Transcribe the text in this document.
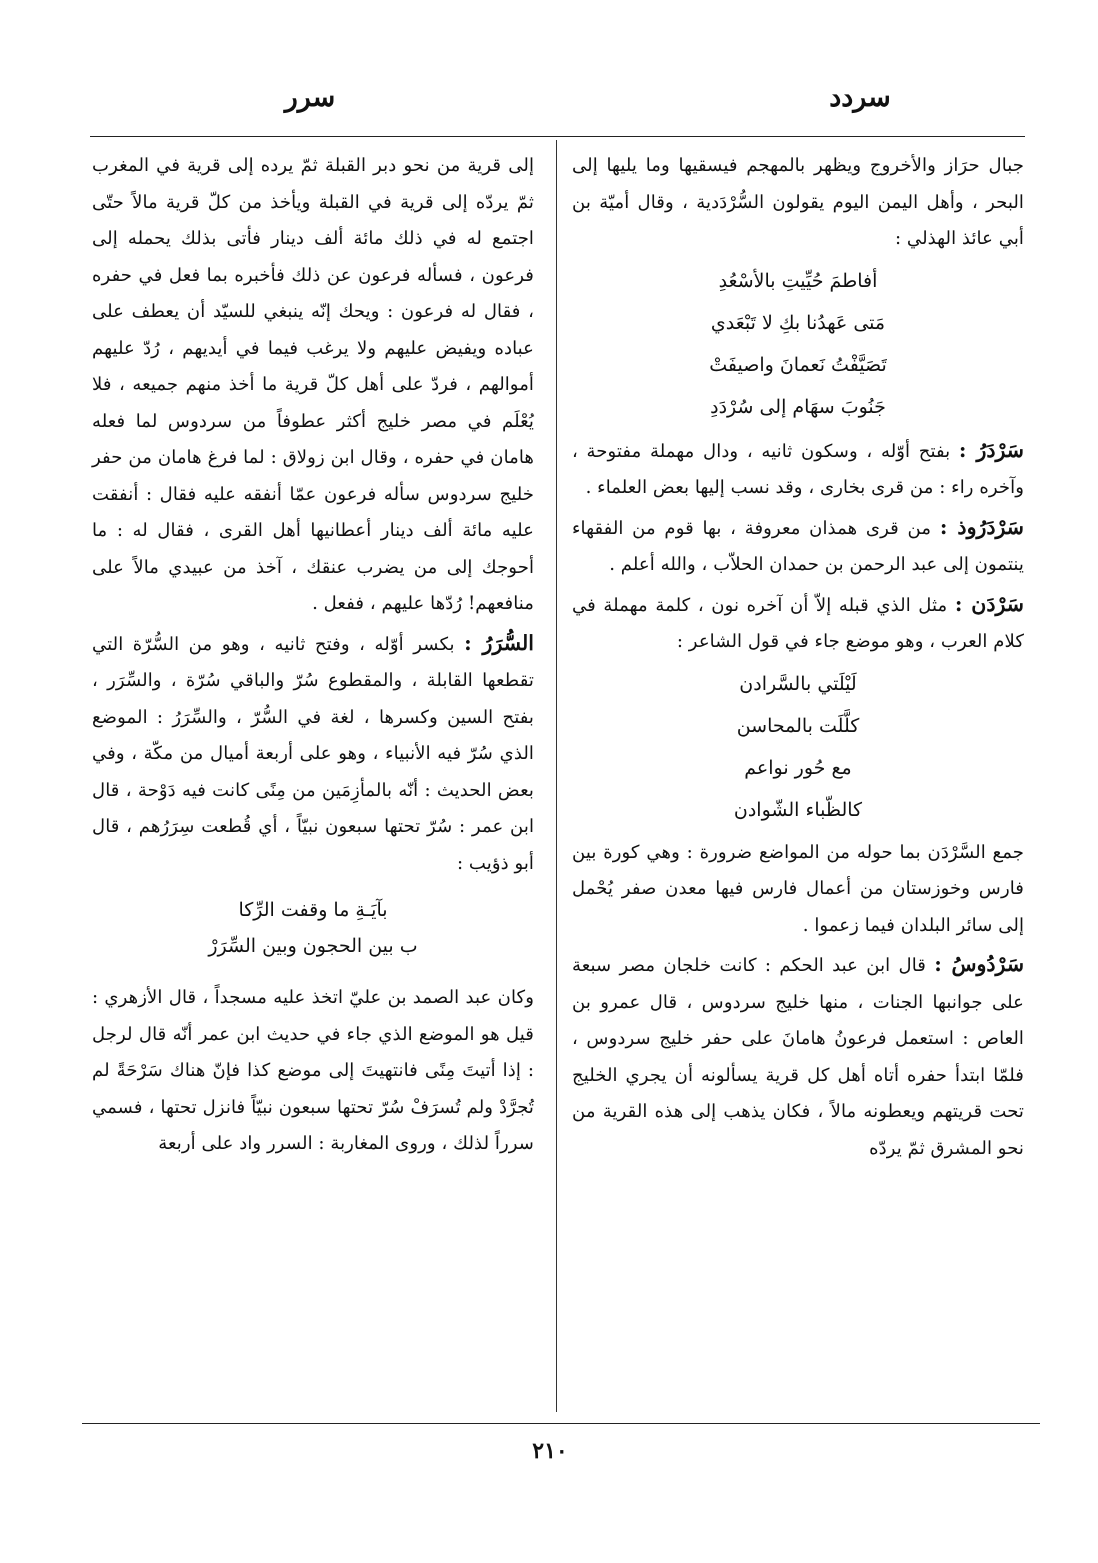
سردد
سرر

جبال حرَاز والأخروج ويظهر بالمهجم فيسقيها وما يليها إلى البحر ، وأهل اليمن اليوم يقولون السُّرْدَدية ، وقال أميّة بن أبي عائذ الهذلي :

أفاطمَ حُيِّيتِ بالأسْعُدِ
مَتى عَهدُنا بكِ لا تَبْعَدي
تَصَيَّفْتُ نَعمانَ واصيفَتْ
جَنُوبَ سهَام إلى سُرْدَدِ

سَرْدَرُ : بفتح أوّله ، وسكون ثانيه ، ودال مهملة مفتوحة ، وآخره راء : من قرى بخارى ، وقد نسب إليها بعض العلماء .

سَرْدَرُوذ : من قرى همذان معروفة ، بها قوم من الفقهاء ينتمون إلى عبد الرحمن بن حمدان الحلاّب ، والله أعلم .

سَرْدَن : مثل الذي قبله إلاّ أن آخره نون ، كلمة مهملة في كلام العرب ، وهو موضع جاء في قول الشاعر :

لَيْلَتي بالسَّرادن
كلَّلَت بالمحاسن
مع حُور نواعم
كالظّباء الشّوادن

جمع السَّرْدَن بما حوله من المواضع ضرورة : وهي كورة بين فارس وخوزستان من أعمال فارس فيها معدن صفر يُحْمل إلى سائر البلدان فيما زعموا .

سَرْدُوسُ : قال ابن عبد الحكم : كانت خلجان مصر سبعة على جوانبها الجنات ، منها خليج سردوس ، قال عمرو بن العاص : استعمل فرعونُ هامانَ على حفر خليج سردوس ، فلمّا ابتدأ حفره أتاه أهل كل قرية يسألونه أن يجري الخليج تحت قريتهم ويعطونه مالاً ، فكان يذهب إلى هذه القرية من نحو المشرق ثمّ يردّه

إلى قرية من نحو دبر القبلة ثمّ يرده إلى قرية في المغرب ثمّ يردّه إلى قرية في القبلة ويأخذ من كلّ قرية مالاً حتّى اجتمع له في ذلك مائة ألف دينار فأتى بذلك يحمله إلى فرعون ، فسأله فرعون عن ذلك فأخبره بما فعل في حفره ، فقال له فرعون : ويحك إنّه ينبغي للسيّد أن يعطف على عباده ويفيض عليهم ولا يرغب فيما في أيديهم ، رُدّ عليهم أموالهم ، فردّ على أهل كلّ قرية ما أخذ منهم جميعه ، فلا يُعْلَم في مصر خليج أكثر عطوفاً من سردوس لما فعله هامان في حفره ، وقال ابن زولاق : لما فرغ هامان من حفر خليج سردوس سأله فرعون عمّا أنفقه عليه فقال : أنفقت عليه مائة ألف دينار أعطانيها أهل القرى ، فقال له : ما أحوجك إلى من يضرب عنقك ، آخذ من عبيدي مالاً على منافعهم! رُدّها عليهم ، ففعل .

السُّرَرُ : بكسر أوّله ، وفتح ثانيه ، وهو من السُّرّة التي تقطعها القابلة ، والمقطوع سُرّ والباقي سُرّة ، والسِّرَر ، بفتح السين وكسرها ، لغة في السُّرّ ، والسِّرَرُ : الموضع الذي سُرّ فيه الأنبياء ، وهو على أربعة أميال من مكّة ، وفي بعض الحديث : أنّه بالمأزِمَين من مِنًى كانت فيه دَوْحة ، قال ابن عمر : سُرّ تحتها سبعون نبيّاً ، أي قُطعت سِرَرُهم ، قال أبو ذؤيب :

بآيَـةِ ما وقفت الرِّكا
ب بين الحجون وبين السِّرَرْ

وكان عبد الصمد بن عليّ اتخذ عليه مسجداً ، قال الأزهري : قيل هو الموضع الذي جاء في حديث ابن عمر أنّه قال لرجل : إذا أتيتَ مِنًى فانتهيتَ إلى موضع كذا فإنّ هناك سَرْحَةً لم تُجرَّدْ ولم تُسرَفْ سُرّ تحتها سبعون نبيّاً فانزل تحتها ، فسمي سرراً لذلك ، وروى المغاربة : السرر واد على أربعة

٢١٠
